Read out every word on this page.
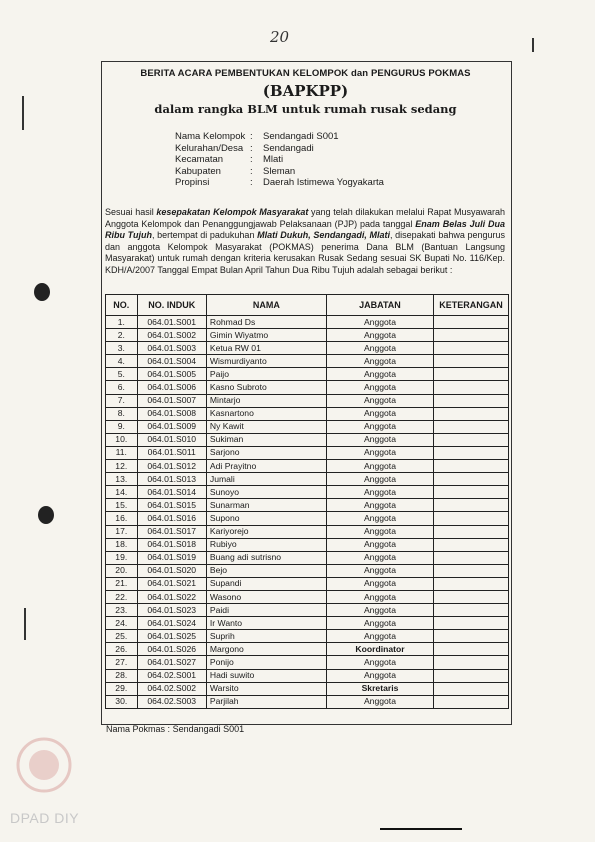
20
BERITA ACARA PEMBENTUKAN KELOMPOK dan PENGURUS POKMAS
(BAPKPP)
dalam rangka BLM untuk rumah rusak sedang
Nama Kelompok :	Sendangadi S001
Kelurahan/Desa :	Sendangadi
Kecamatan	:	Mlati
Kabupaten	:	Sleman
Propinsi	:	Daerah Istimewa Yogyakarta
Sesuai hasil kesepakatan Kelompok Masyarakat yang telah dilakukan melalui Rapat Musyawarah Anggota Kelompok dan Penanggungjawab Pelaksanaan (PJP) pada tanggal Enam Belas Juli Dua Ribu Tujuh, bertempat di padukuhan Mlati Dukuh, Sendangadi, Mlati, disepakati bahwa pengurus dan anggota Kelompok Masyarakat (POKMAS) penerima Dana BLM (Bantuan Langsung Masyarakat) untuk rumah dengan kriteria kerusakan Rusak Sedang sesuai SK Bupati No. 116/Kep. KDH/A/2007 Tanggal Empat Bulan April Tahun Dua Ribu Tujuh adalah sebagai berikut :
NO.	NO. INDUK	NAMA	JABATAN	KETERANGAN
1.	064.01.S001	Rohmad Ds	Anggota	
2.	064.01.S002	Gimin Wiyatmo	Anggota	
3.	064.01.S003	Ketua RW 01	Anggota	
4.	064.01.S004	Wismurdiyanto	Anggota	
5.	064.01.S005	Paijo	Anggota	
6.	064.01.S006	Kasno Subroto	Anggota	
7.	064.01.S007	Mintarjo	Anggota	
8.	064.01.S008	Kasnartono	Anggota	
9.	064.01.S009	Ny Kawit	Anggota	
10.	064.01.S010	Sukiman	Anggota	
11.	064.01.S011	Sarjono	Anggota	
12.	064.01.S012	Adi Prayitno	Anggota	
13.	064.01.S013	Jumali	Anggota	
14.	064.01.S014	Sunoyo	Anggota	
15.	064.01.S015	Sunarman	Anggota	
16.	064.01.S016	Supono	Anggota	
17.	064.01.S017	Kariyorejo	Anggota	
18.	064.01.S018	Rubiyo	Anggota	
19.	064.01.S019	Buang adi sutrisno	Anggota	
20.	064.01.S020	Bejo	Anggota	
21.	064.01.S021	Supandi	Anggota	
22.	064.01.S022	Wasono	Anggota	
23.	064.01.S023	Paidi	Anggota	
24.	064.01.S024	Ir Wanto	Anggota	
25.	064.01.S025	Suprih	Anggota	
26.	064.01.S026	Margono	Koordinator	
27.	064.01.S027	Ponijo	Anggota	
28.	064.02.S001	Hadi suwito	Anggota	
29.	064.02.S002	Warsito	Skretaris	
30.	064.02.S003	Parjilah	Anggota	
Nama Pokmas : Sendangadi S001
DPAD DIY
